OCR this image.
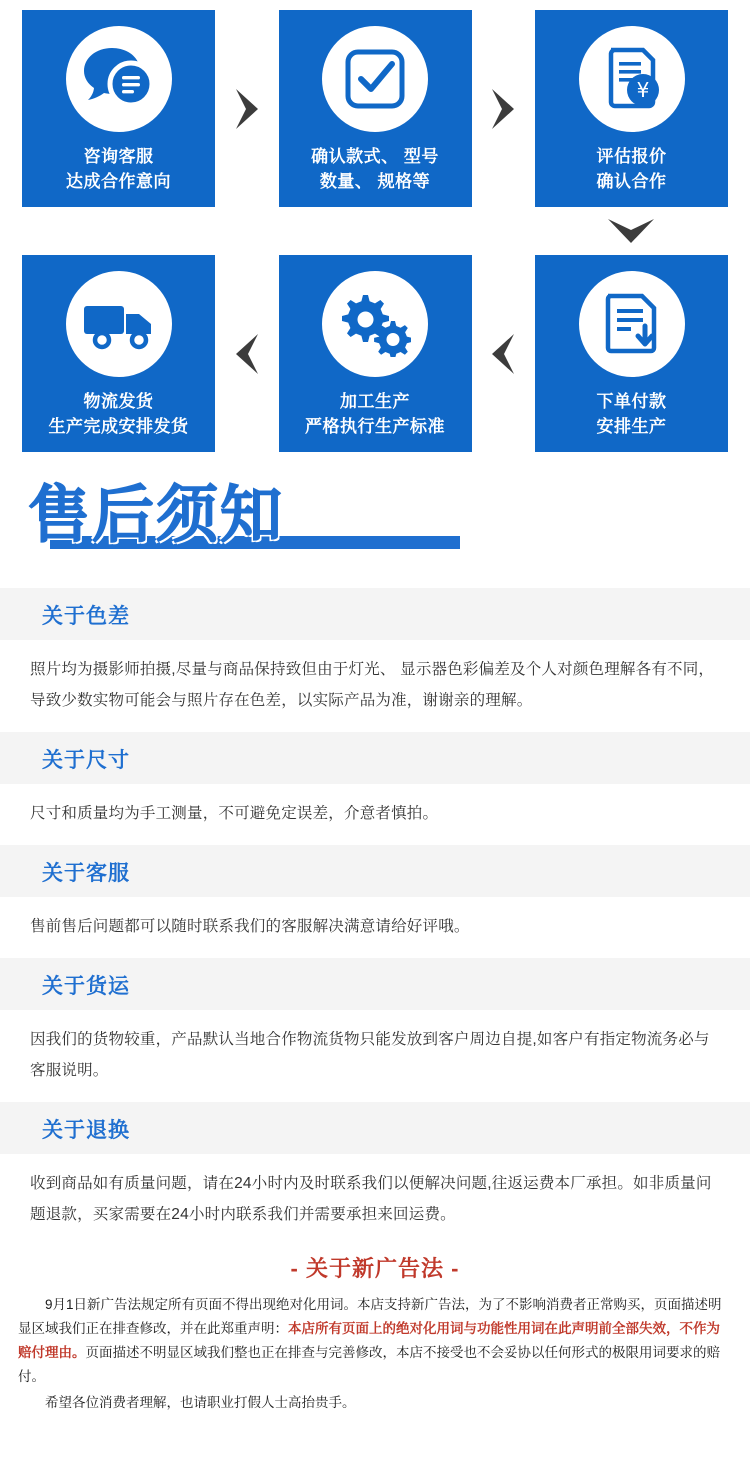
咨询客服
达成合作意向
确认款式、 型号
数量、 规格等
¥
评估报价
确认合作
物流发货
生产完成安排发货
加工生产
严格执行生产标准
下单付款
安排生产
售后须知
关于色差
照片均为摄影师拍摄,尽量与商品保持致但由于灯光、 显示器色彩偏差及个人对颜色理解各有不同，导致少数实物可能会与照片存在色差，以实际产品为准，谢谢亲的理解。
关于尺寸
尺寸和质量均为手工测量，不可避免定误差，介意者慎拍。
关于客服
售前售后问题都可以随时联系我们的客服解决满意请给好评哦。
关于货运
因我们的货物较重，产品默认当地合作物流货物只能发放到客户周边自提,如客户有指定物流务必与客服说明。
关于退换
收到商品如有质量问题，请在24小时内及时联系我们以便解决问题,往返运费本厂承担。如非质量问题退款，买家需要在24小时内联系我们并需要承担来回运费。
- 关于新广告法 -

9月1日新广告法规定所有页面不得出现绝对化用词。本店支持新广告法，为了不影响消费者正常购买，页面描述明显区域我们正在排查修改，并在此郑重声明：本店所有页面上的绝对化用词与功能性用词在此声明前全部失效，不作为赔付理由。页面描述不明显区域我们整也正在排查与完善修改，本店不接受也不会妥协以任何形式的极限用词要求的赔付。

希望各位消费者理解，也请职业打假人士高抬贵手。
